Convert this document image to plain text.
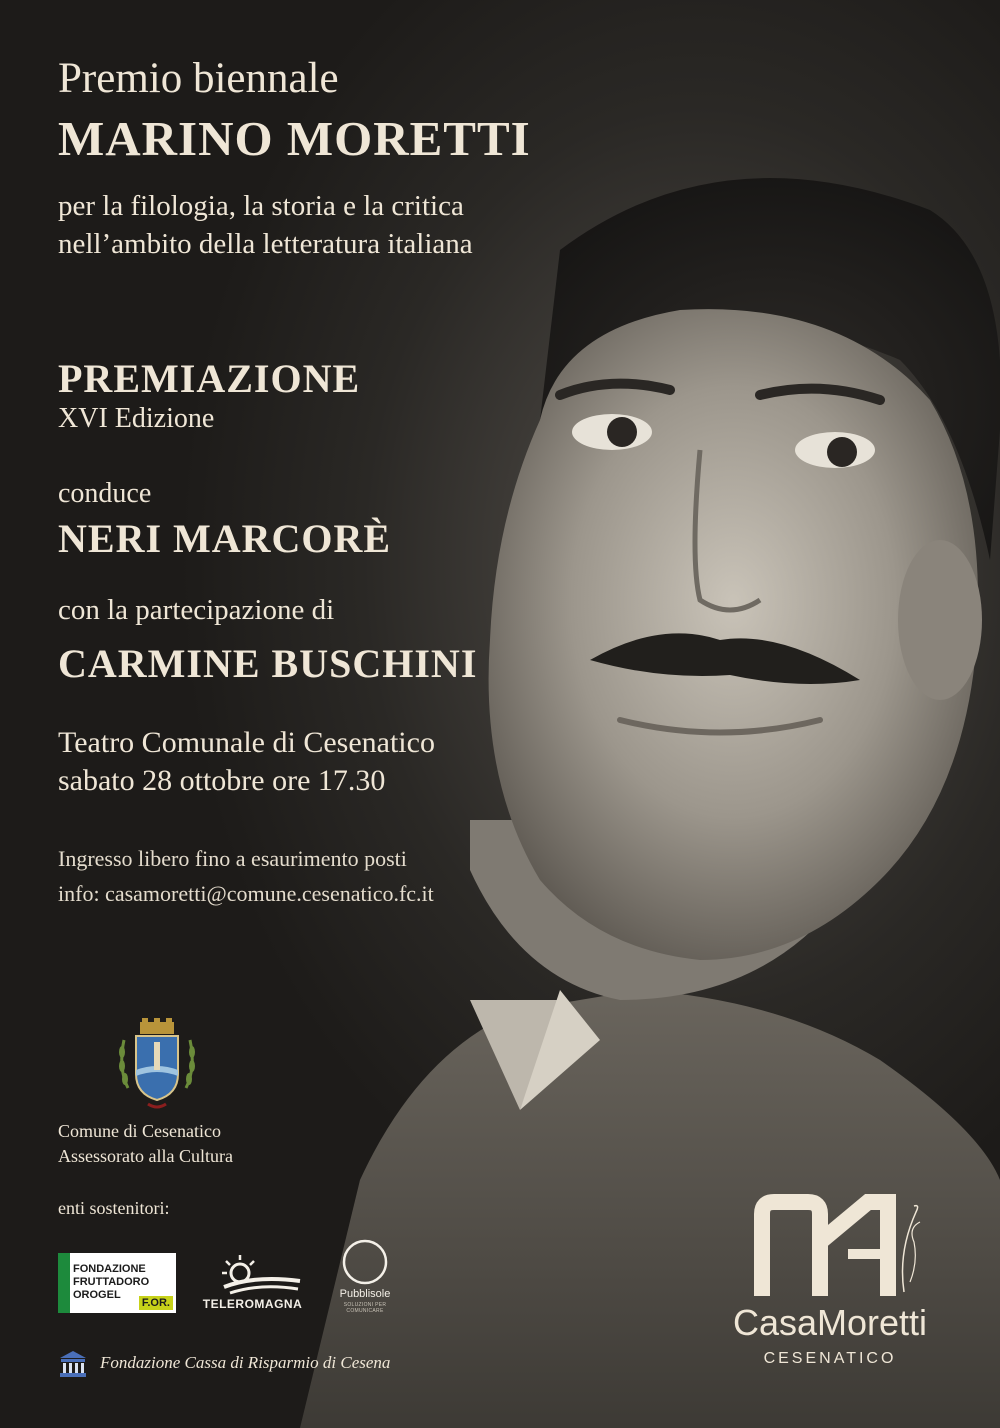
Premio biennale
MARINO MORETTI
per la filologia, la storia e la critica
nell’ambito della letteratura italiana
PREMIAZIONE
XVI Edizione
conduce
NERI MARCORÈ
con la partecipazione di
CARMINE BUSCHINI
Teatro Comunale di Cesenatico
sabato 28 ottobre ore 17.30
Ingresso libero fino a esaurimento posti
info: casamoretti@comune.cesenatico.fc.it
Comune di Cesenatico
Assessorato alla Cultura
enti sostenitori:
FONDAZIONE
FRUTTADORO
OROGEL
F.OR.	TELEROMAGNA
Pubblisole
SOLUZIONI PER COMUNICARE
Fondazione Cassa di Risparmio di Cesena
CasaMoretti
CESENATICO
